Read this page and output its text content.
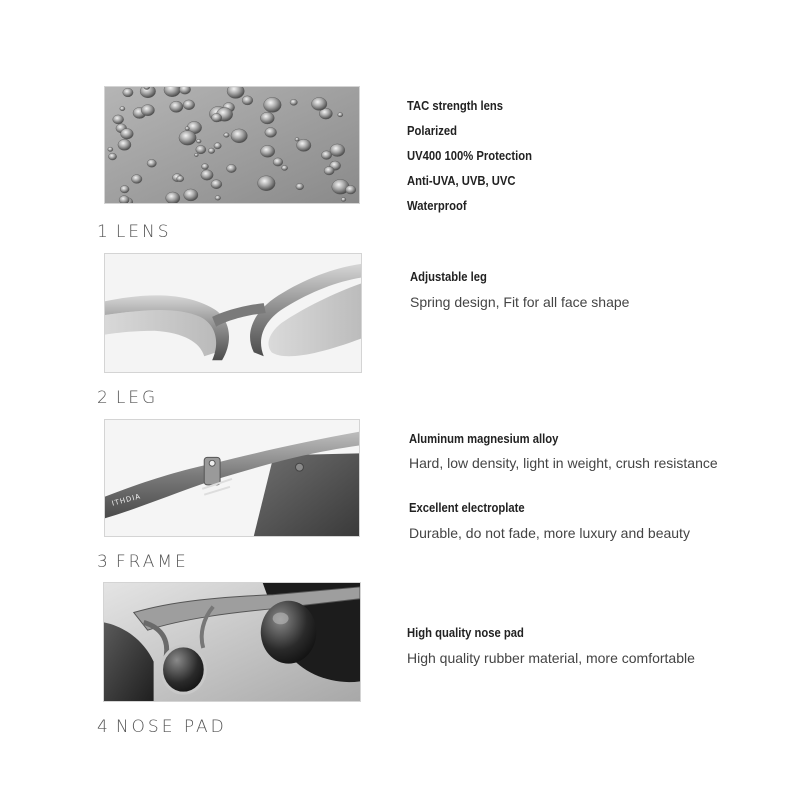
1 LENS
TAC strength lens
Polarized
UV400 100% Protection
Anti-UVA, UVB, UVC
Waterproof
2 LEG
Adjustable leg
Spring design, Fit for all face shape
ITHDIA
3 FRAME
Aluminum magnesium alloy
Hard, low density, light in weight, crush resistance
Excellent electroplate
Durable, do not fade, more luxury and beauty
4 NOSE PAD
High quality nose pad
High quality rubber material, more comfortable
